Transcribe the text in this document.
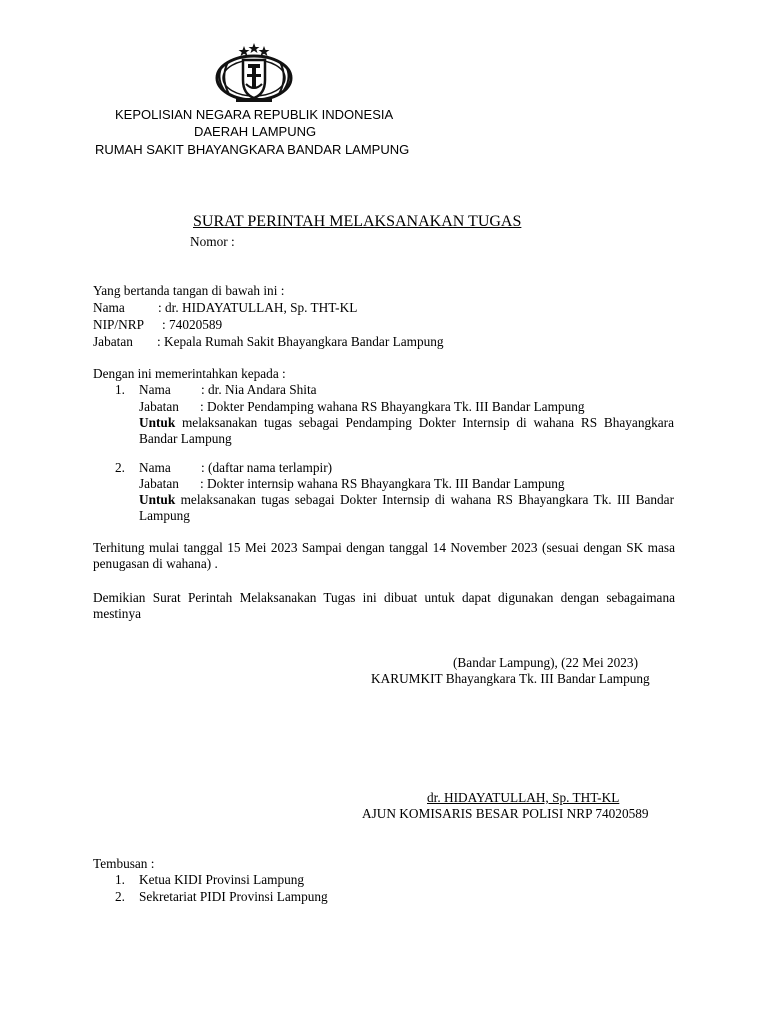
KEPOLISIAN NEGARA REPUBLIK INDONESIA
DAERAH LAMPUNG
RUMAH SAKIT BHAYANGKARA BANDAR LAMPUNG
SURAT PERINTAH MELAKSANAKAN TUGAS
Nomor :
Yang bertanda tangan di bawah ini :
Nama	: dr. HIDAYATULLAH, Sp. THT-KL
NIP/NRP : 74020589
Jabatan : Kepala Rumah Sakit Bhayangkara Bandar Lampung
Dengan ini memerintahkan kepada :
1. Nama : dr. Nia Andara Shita
Jabatan : Dokter Pendamping wahana RS Bhayangkara Tk. III Bandar Lampung
Untuk melaksanakan tugas sebagai Pendamping Dokter Internsip di wahana RS Bhayangkara Bandar Lampung
2. Nama : (daftar nama terlampir)
Jabatan : Dokter internsip wahana RS Bhayangkara Tk. III Bandar Lampung
Untuk melaksanakan tugas sebagai Dokter Internsip di wahana RS Bhayangkara Tk. III Bandar Lampung
Terhitung mulai tanggal 15 Mei 2023 Sampai dengan tanggal 14 November 2023 (sesuai dengan SK masa penugasan di wahana) .
Demikian Surat Perintah Melaksanakan Tugas ini dibuat untuk dapat digunakan dengan sebagaimana mestinya
(Bandar Lampung), (22 Mei 2023)
KARUMKIT Bhayangkara Tk. III Bandar Lampung
dr. HIDAYATULLAH, Sp. THT-KL
AJUN KOMISARIS BESAR POLISI NRP 74020589
Tembusan :
1. Ketua KIDI Provinsi Lampung
2. Sekretariat PIDI Provinsi Lampung
